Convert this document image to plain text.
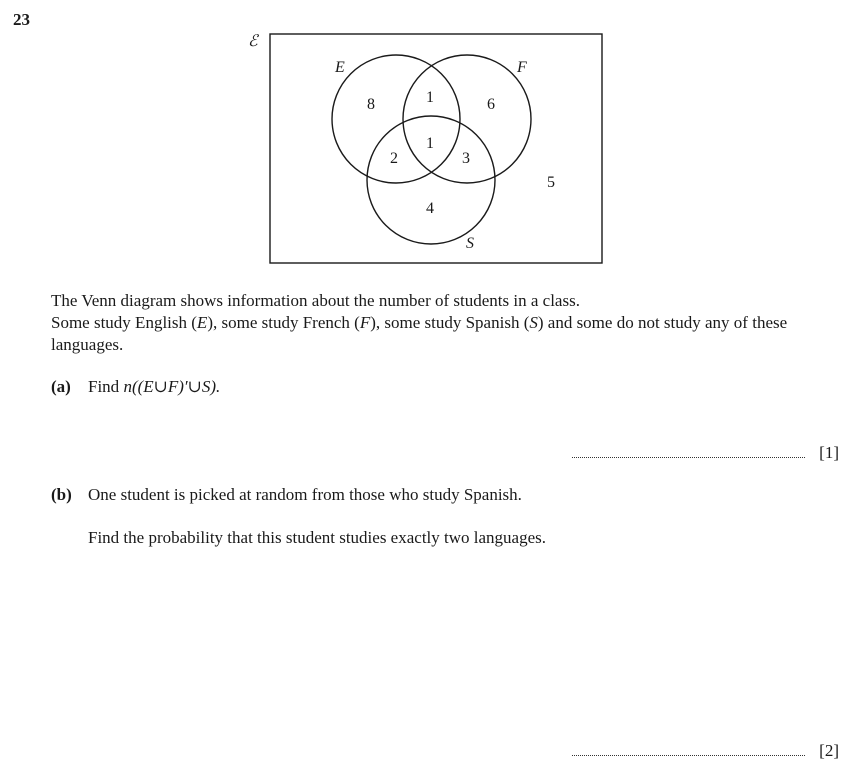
23
ℰ
E	F
S
8	1	6
2
1
3
4
5

The Venn diagram shows information about the number of students in a class.

Some study English (E), some study French (F), some study Spanish (S) and some do not study any of these languages.

(a) Find n((E∪F)′∪S).
[1]
(b) One student is picked at random from those who study Spanish.
Find the probability that this student studies exactly two languages.
[2]
